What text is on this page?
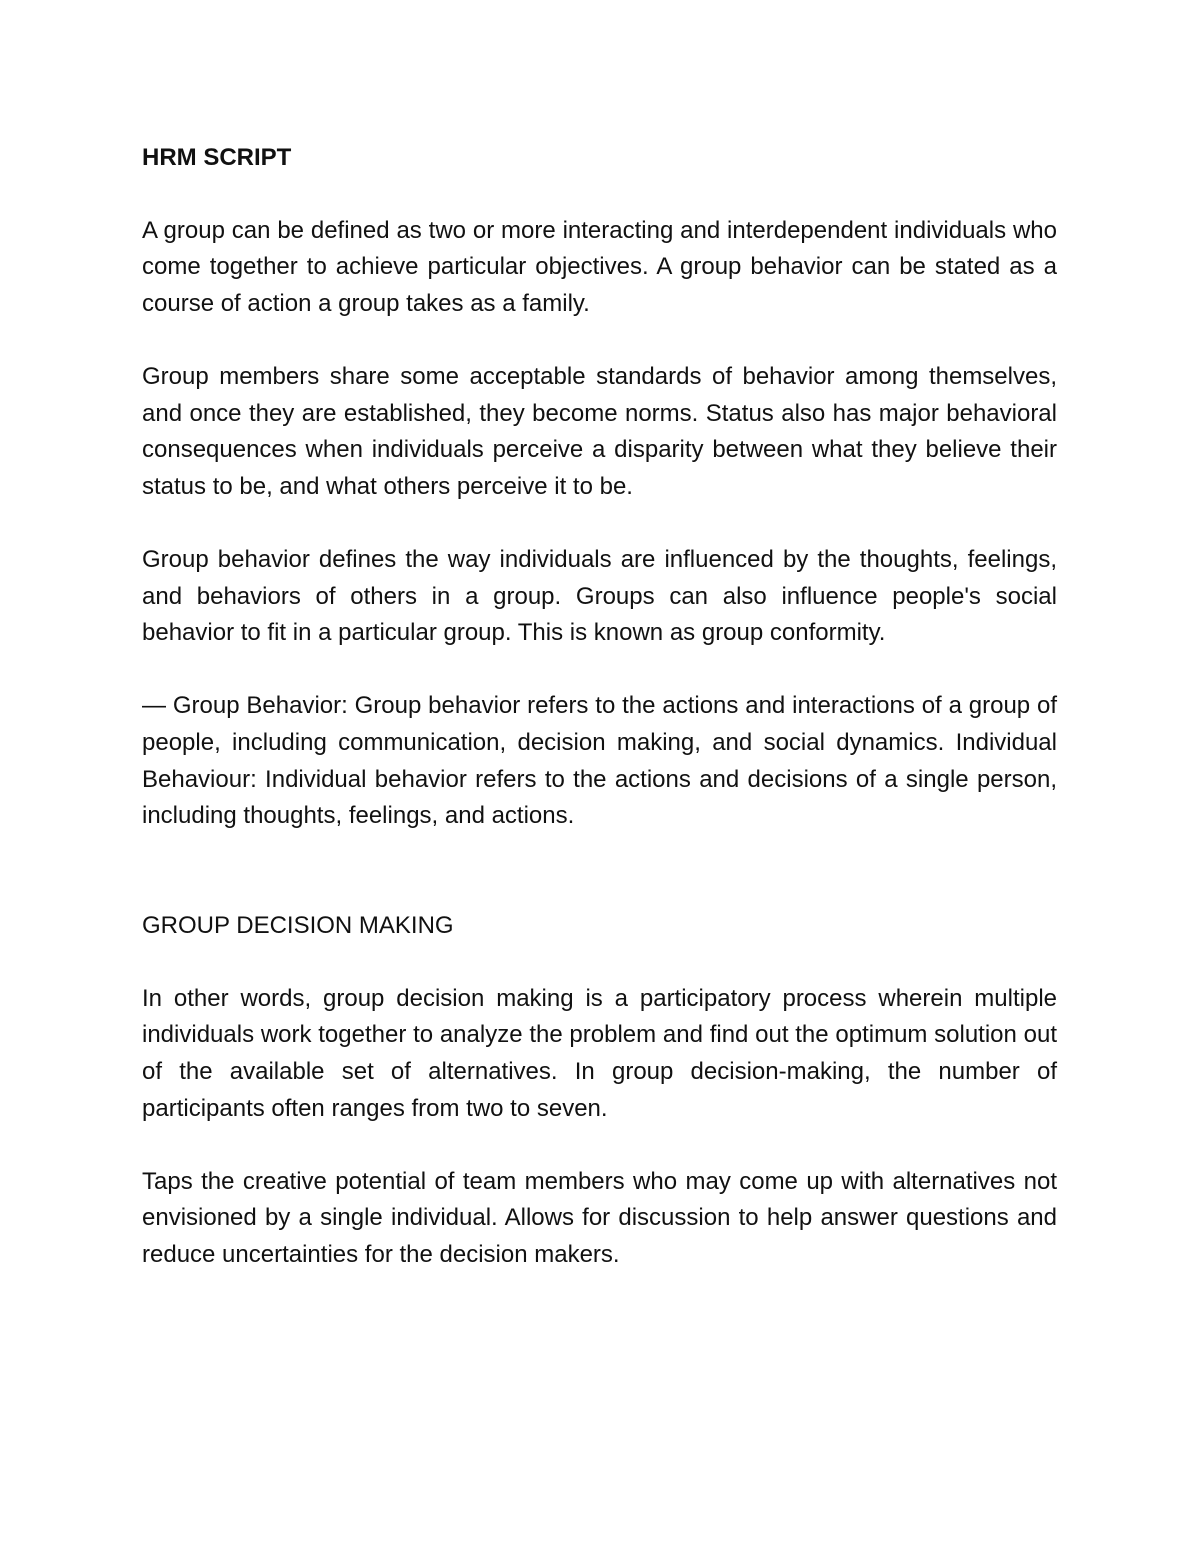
HRM SCRIPT

A group can be defined as two or more interacting and interdependent individuals who come together to achieve particular objectives. A group behavior can be stated as a course of action a group takes as a family.

Group members share some acceptable standards of behavior among themselves, and once they are established, they become norms. Status also has major behavioral consequences when individuals perceive a disparity between what they believe their status to be, and what others perceive it to be.

Group behavior defines the way individuals are influenced by the thoughts, feelings, and behaviors of others in a group. Groups can also influence people's social behavior to fit in a particular group. This is known as group conformity.

— Group Behavior: Group behavior refers to the actions and interactions of a group of people, including communication, decision making, and social dynamics. Individual Behaviour: Individual behavior refers to the actions and decisions of a single person, including thoughts, feelings, and actions.

GROUP DECISION MAKING

In other words, group decision making is a participatory process wherein multiple individuals work together to analyze the problem and find out the optimum solution out of the available set of alternatives. In group decision-making, the number of participants often ranges from two to seven.

Taps the creative potential of team members who may come up with alternatives not envisioned by a single individual. Allows for discussion to help answer questions and reduce uncertainties for the decision makers.
